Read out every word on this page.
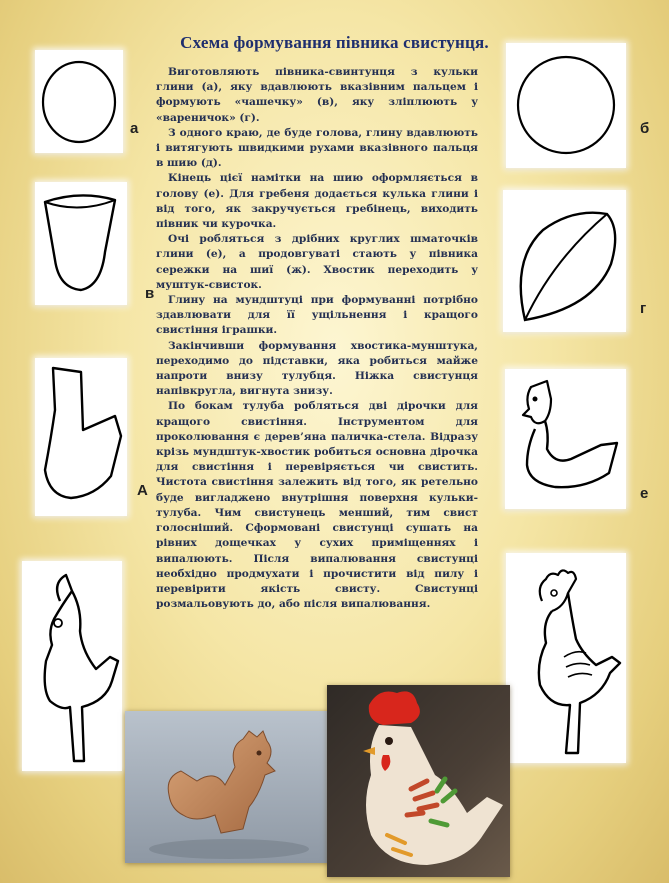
Схема формування півника свистунця.

Виготовляють півника-свинтунця з кульки глини (а), яку вдавлюють вказівним пальцем і формують «чашечку» (в), яку зліплюють у «вареничок» (г).

З одного краю, де буде голова, глину вдавлюють і витягують швидкими рухами вказівного пальця в шию (д).

Кінець цієї намітки на шию оформляється в голову (е). Для гребеня додається кулька глини і від того, як закручується гребінець, виходить півник чи курочка.

Очі робляться з дрібних круглих шматочків глини (е), а продовгуваті стають у півника сережки на шиї (ж). Хвостик переходить у муштук-свисток.

Глину на мундштуці при формуванні потрібно здавлювати для її ущільнення і кращого свистіння іграшки.

Закінчивши формування хвостика-мунштука, переходимо до підставки, яка робиться майже напроти внизу тулубця. Ніжка свистунця напівкругла, вигнута знизу.

По бокам тулуба робляться дві дірочки для кращого свистіння. Інструментом для проколювання є дерев’яна паличка-стела. Відразу крізь мундштук-хвостик робиться основна дірочка для свистіння і перевіряється чи свистить. Чистота свистіння залежить від того, як ретельно буде вигладжено внутрішня поверхня кульки-тулуба. Чим свистунець менший, тим свист голосніший. Сформовані свистунці сушать на рівних дощечках у сухих приміщеннях і випалюють. Після випалювання свистунці необхідно продмухати і прочистити від пилу і перевірити якість свисту. Свистунці розмальовують до, або після випалювання.

а
в
А
б
г
е
